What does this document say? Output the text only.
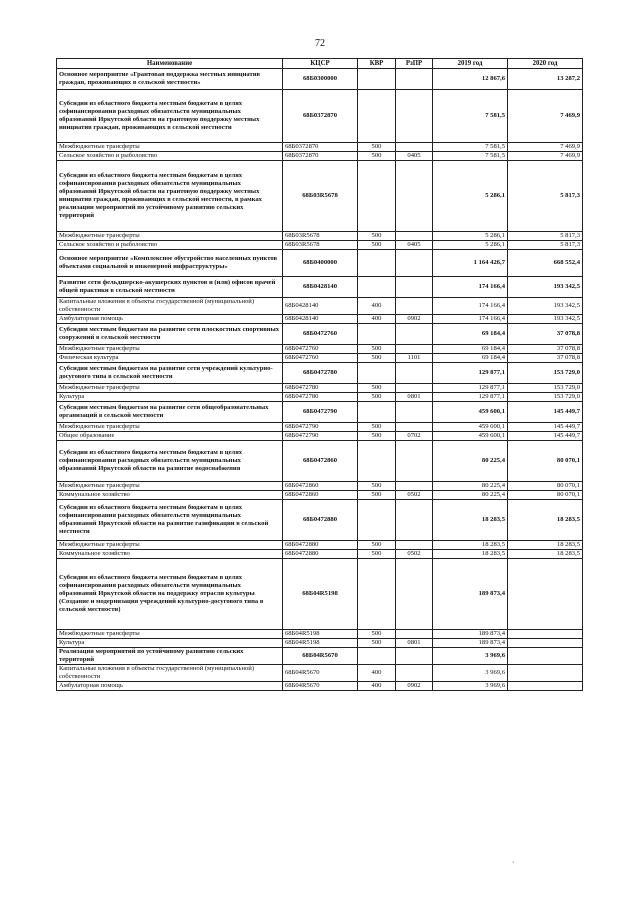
72
Наименование	КЦСР	КВР	РзПР	2019 год	2020 год
Основное мероприятие «Грантовая поддержка местных инициатив граждан, проживающих в сельской местности»	68Б0300000			12 867,6	13 287,2
Субсидии из областного бюджета местным бюджетам в целях софинансирования расходных обязательств муниципальных образований Иркутской области на грантовую поддержку местных инициатив граждан, проживающих в сельской местности	68Б0372870			7 581,5	7 469,9
Межбюджетные трансферты	68Б0372870	500		7 581,5	7 469,9
Сельское хозяйство и рыболовство	68Б0372870	500	0405	7 581,5	7 469,9
Субсидии из областного бюджета местным бюджетам в целях софинансирования расходных обязательств муниципальных образований Иркутской области на грантовую поддержку местных инициатив граждан, проживающих в сельской местности, в рамках реализации мероприятий по устойчивому развитию сельских территорий	68Б03R5678			5 286,1	5 817,3
Межбюджетные трансферты	68Б03R5678	500		5 286,1	5 817,3
Сельское хозяйство и рыболовство	68Б03R5678	500	0405	5 286,1	5 817,3
Основное мероприятие «Комплексное обустройство населенных пунктов объектами социальной и инженерной инфраструктуры»	68Б0400000			1 164 426,7	668 552,4
Развитие сети фельдшерско-акушерских пунктов и (или) офисов врачей общей практики в сельской местности	68Б0428140			174 166,4	193 342,5
Капитальные вложения в объекты государственной (муниципальной) собственности	68Б0428140	400		174 166,4	193 342,5
Амбулаторная помощь	68Б0428140	400	0902	174 166,4	193 342,5
Субсидии местным бюджетам на развитие сети плоскостных спортивных сооружений в сельской местности	68Б0472760			69 184,4	37 078,8
Межбюджетные трансферты	68Б0472760	500		69 184,4	37 078,8
Физическая культура	68Б0472760	500	1101	69 184,4	37 078,8
Субсидии местным бюджетам на развитие сети учреждений культурно-досугового типа в сельской местности	68Б0472780			129 877,1	153 729,0
Межбюджетные трансферты	68Б0472780	500		129 877,1	153 729,0
Культура	68Б0472780	500	0801	129 877,1	153 729,0
Субсидии местным бюджетам на развитие сети общеобразовательных организаций в сельской местности	68Б0472790			459 600,1	145 449,7
Межбюджетные трансферты	68Б0472790	500		459 600,1	145 449,7
Общее образование	68Б0472790	500	0702	459 600,1	145 449,7
Субсидии из областного бюджета местным бюджетам в целях софинансирования расходных обязательств муниципальных образований Иркутской области на развитие водоснабжения	68Б0472860			80 225,4	80 070,1
Межбюджетные трансферты	68Б0472860	500		80 225,4	80 070,1
Коммунальное хозяйство	68Б0472860	500	0502	80 225,4	80 070,1
Субсидии из областного бюджета местным бюджетам в целях софинансирования расходных обязательств муниципальных образований Иркутской области на развитие газификации в сельской местности	68Б0472880			18 283,5	18 283,5
Межбюджетные трансферты	68Б0472880	500		18 283,5	18 283,5
Коммунальное хозяйство	68Б0472880	500	0502	18 283,5	18 283,5
Субсидии из областного бюджета местным бюджетам в целях софинансирования расходных обязательств муниципальных образований Иркутской области на поддержку отрасли культуры (Создание и модернизация учреждений культурно-досугового типа в сельской местности)	68Б04R5198			189 873,4	
Межбюджетные трансферты	68Б04R5198	500		189 873,4	
Культура	68Б04R5198	500	0801	189 873,4	
Реализация мероприятий по устойчивому развитию сельских территорий	68Б04R5670			3 969,6	
Капитальные вложения в объекты государственной (муниципальной) собственности	68Б04R5670	400		3 969,6	
Амбулаторная помощь	68Б04R5670	400	0902	3 969,6	
·
·
